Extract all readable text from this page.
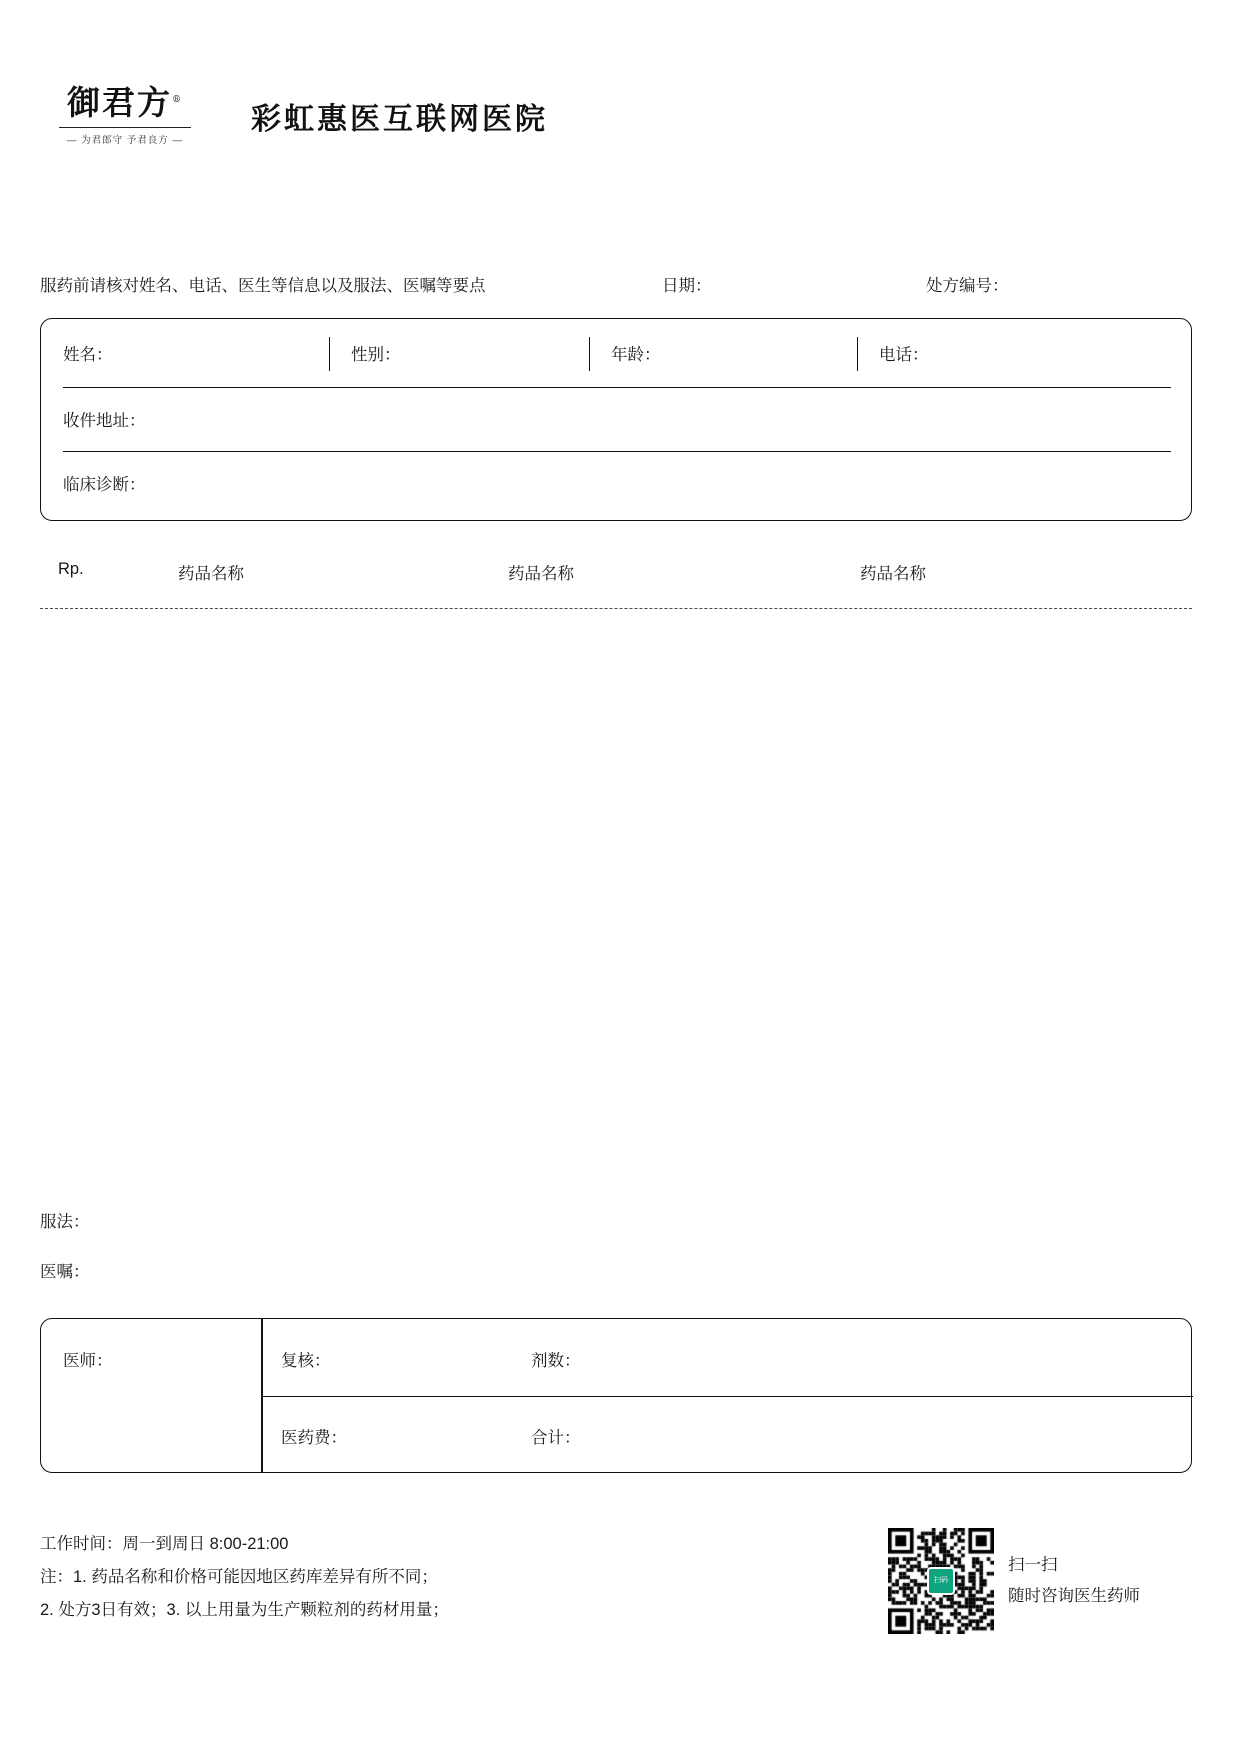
御君方®
— 为君郎守 予君良方 —
彩虹惠医互联网医院
服药前请核对姓名、电话、医生等信息以及服法、医嘱等要点	日期：	处方编号：
姓名：	性别：	年龄：	电话：
收件地址：
临床诊断：
Rp.	药品名称	药品名称	药品名称
服法：
医嘱：
医师：	复核：	剂数：
医药费：	合计：
工作时间：周一到周日 8:00-21:00
注：1. 药品名称和价格可能因地区药库差异有所不同；
2. 处方3日有效；3. 以上用量为生产颗粒剂的药材用量；
扫码
扫一扫
随时咨询医生药师
